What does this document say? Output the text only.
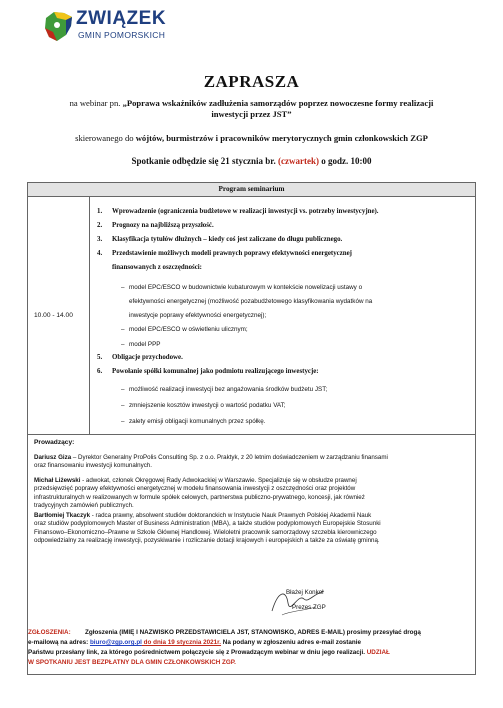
ZWIĄZEK
GMIN POMORSKICH
ZAPRASZA
na webinar pn. „Poprawa wskaźników zadłużenia samorządów poprzez nowoczesne formy realizacji
inwestycji przez JST”
skierowanego do wójtów, burmistrzów i pracowników merytorycznych gmin członkowskich ZGP
Spotkanie odbędzie się 21 stycznia br. (czwartek) o godz. 10:00
Program seminarium
10.00 - 14.00
1. Wprowadzenie (ograniczenia budżetowe w realizacji inwestycji vs. potrzeby inwestycyjne).
2. Prognozy na najbliższą przyszłość.
3. Klasyfikacja tytułów dłużnych – kiedy coś jest zaliczane do długu publicznego.
4. Przedstawienie możliwych modeli prawnych poprawy efektywności energetycznej
finansowanych z oszczędności:
– model EPC/ESCO w budownictwie kubaturowym w kontekście nowelizacji ustawy o
efektywności energetycznej (możliwość pozabudżetowego klasyfikowania wydatków na
inwestycje poprawy efektywności energetycznej);
– model EPC/ESCO w oświetleniu ulicznym;
– model PPP
5. Obligacje przychodowe.
6. Powołanie spółki komunalnej jako podmiotu realizującego inwestycje:
– możliwość realizacji inwestycji bez angażowania środków budżetu JST;
– zmniejszenie kosztów inwestycji o wartość podatku VAT;
– zalety emisji obligacji komunalnych przez spółkę.
Prowadzący:
Dariusz Giza – Dyrektor Generalny ProPolis Consulting Sp. z o.o. Praktyk, z 20 letnim doświadczeniem w zarządzaniu finansami
oraz finansowaniu inwestycji komunalnych.
Michał Liżewski - adwokat, członek Okręgowej Rady Adwokackiej w Warszawie. Specjalizuje się w obsłudze prawnej
przedsięwzięć poprawy efektywności energetycznej w modelu finansowania inwestycji z oszczędności oraz projektów
infrastrukturalnych w realizowanych w formule spółek celowych, partnerstwa publiczno-prywatnego, koncesji, jak również
tradycyjnych zamówień publicznych.
Bartłomiej Tkaczyk - radca prawny, absolwent studiów doktoranckich w Instytucie Nauk Prawnych Polskiej Akademii Nauk
oraz studiów podyplomowych Master of Business Administration (MBA), a także studiów podyplomowych Europejskie Stosunki
Finansowo–Ekonomiczno–Prawne w Szkole Głównej Handlowej. Wieloletni pracownik samorządowy szczebla kierowniczego
odpowiedzialny za realizację inwestycji, pozyskiwanie i rozliczanie dotacji krajowych i europejskich a także za oświatę gminną.
Błażej Konkol
Prezes ZGP
ZGŁOSZENIA:	Zgłoszenia (IMIĘ I NAZWISKO PRZEDSTAWICIELA JST, STANOWISKO, ADRES E-MAIL) prosimy przesyłać drogą
e-mailową na adres: biuro@zgp.org.pl do dnia 19 stycznia 2021r. Na podany w zgłoszeniu adres e-mail zostanie
Państwu przesłany link, za którego pośrednictwem połączycie się z Prowadzącym webinar w dniu jego realizacji. UDZIAŁ
W SPOTKANIU JEST BEZPŁATNY DLA GMIN CZŁONKOWSKICH ZGP.
